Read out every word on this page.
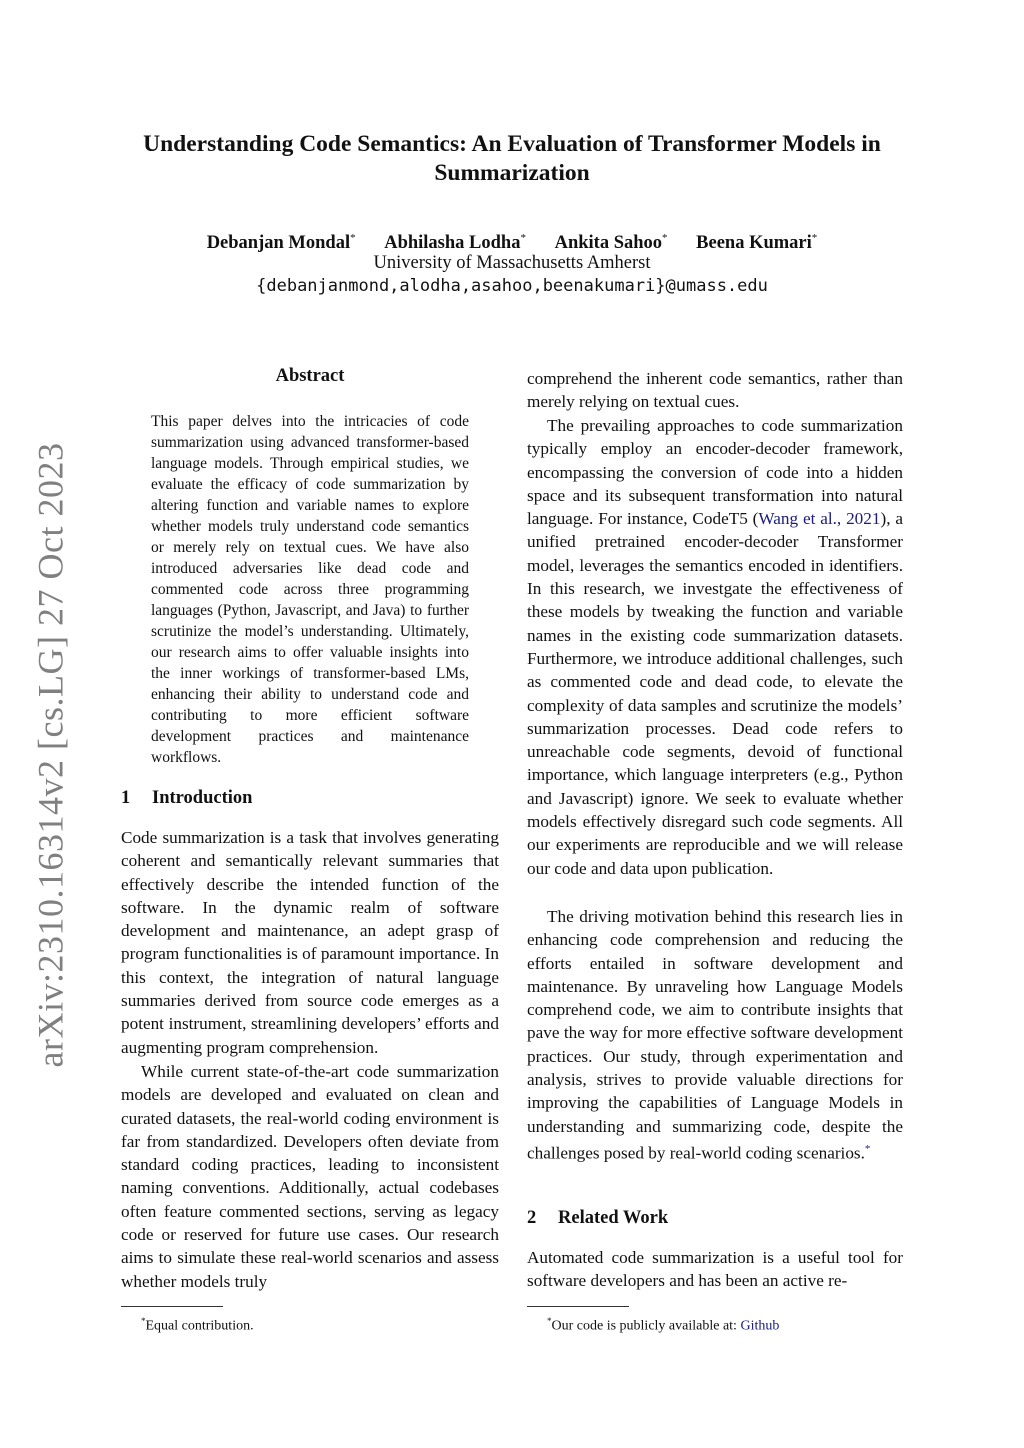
arXiv:2310.16314v2 [cs.LG] 27 Oct 2023
Understanding Code Semantics: An Evaluation of Transformer Models in Summarization
Debanjan Mondal* Abhilasha Lodha* Ankita Sahoo* Beena Kumari*
University of Massachusetts Amherst
{debanjanmond,alodha,asahoo,beenakumari}@umass.edu
Abstract

This paper delves into the intricacies of code summarization using advanced transformer-based language models. Through empirical studies, we evaluate the efficacy of code summarization by altering function and variable names to explore whether models truly understand code semantics or merely rely on textual cues. We have also introduced adversaries like dead code and commented code across three programming languages (Python, Javascript, and Java) to further scrutinize the model’s understanding. Ultimately, our research aims to offer valuable insights into the inner workings of transformer-based LMs, enhancing their ability to understand code and contributing to more efficient software development practices and maintenance workflows.

1 Introduction

Code summarization is a task that involves generating coherent and semantically relevant summaries that effectively describe the intended function of the software. In the dynamic realm of software development and maintenance, an adept grasp of program functionalities is of paramount importance. In this context, the integration of natural language summaries derived from source code emerges as a potent instrument, streamlining developers’ efforts and augmenting program comprehension.

While current state-of-the-art code summarization models are developed and evaluated on clean and curated datasets, the real-world coding environment is far from standardized. Developers often deviate from standard coding practices, leading to inconsistent naming conventions. Additionally, actual codebases often feature commented sections, serving as legacy code or reserved for future use cases. Our research aims to simulate these real-world scenarios and assess whether models truly

*Equal contribution.

comprehend the inherent code semantics, rather than merely relying on textual cues.

The prevailing approaches to code summarization typically employ an encoder-decoder framework, encompassing the conversion of code into a hidden space and its subsequent transformation into natural language. For instance, CodeT5 (Wang et al., 2021), a unified pretrained encoder-decoder Transformer model, leverages the semantics encoded in identifiers. In this research, we investgate the effectiveness of these models by tweaking the function and variable names in the existing code summarization datasets. Furthermore, we introduce additional challenges, such as commented code and dead code, to elevate the complexity of data samples and scrutinize the models’ summarization processes. Dead code refers to unreachable code segments, devoid of functional importance, which language interpreters (e.g., Python and Javascript) ignore. We seek to evaluate whether models effectively disregard such code segments. All our experiments are reproducible and we will release our code and data upon publication.

The driving motivation behind this research lies in enhancing code comprehension and reducing the efforts entailed in software development and maintenance. By unraveling how Language Models comprehend code, we aim to contribute insights that pave the way for more effective software development practices. Our study, through experimentation and analysis, strives to provide valuable directions for improving the capabilities of Language Models in understanding and summarizing code, despite the challenges posed by real-world coding scenarios.*

2 Related Work

Automated code summarization is a useful tool for software developers and has been an active re-

*Our code is publicly available at: Github
